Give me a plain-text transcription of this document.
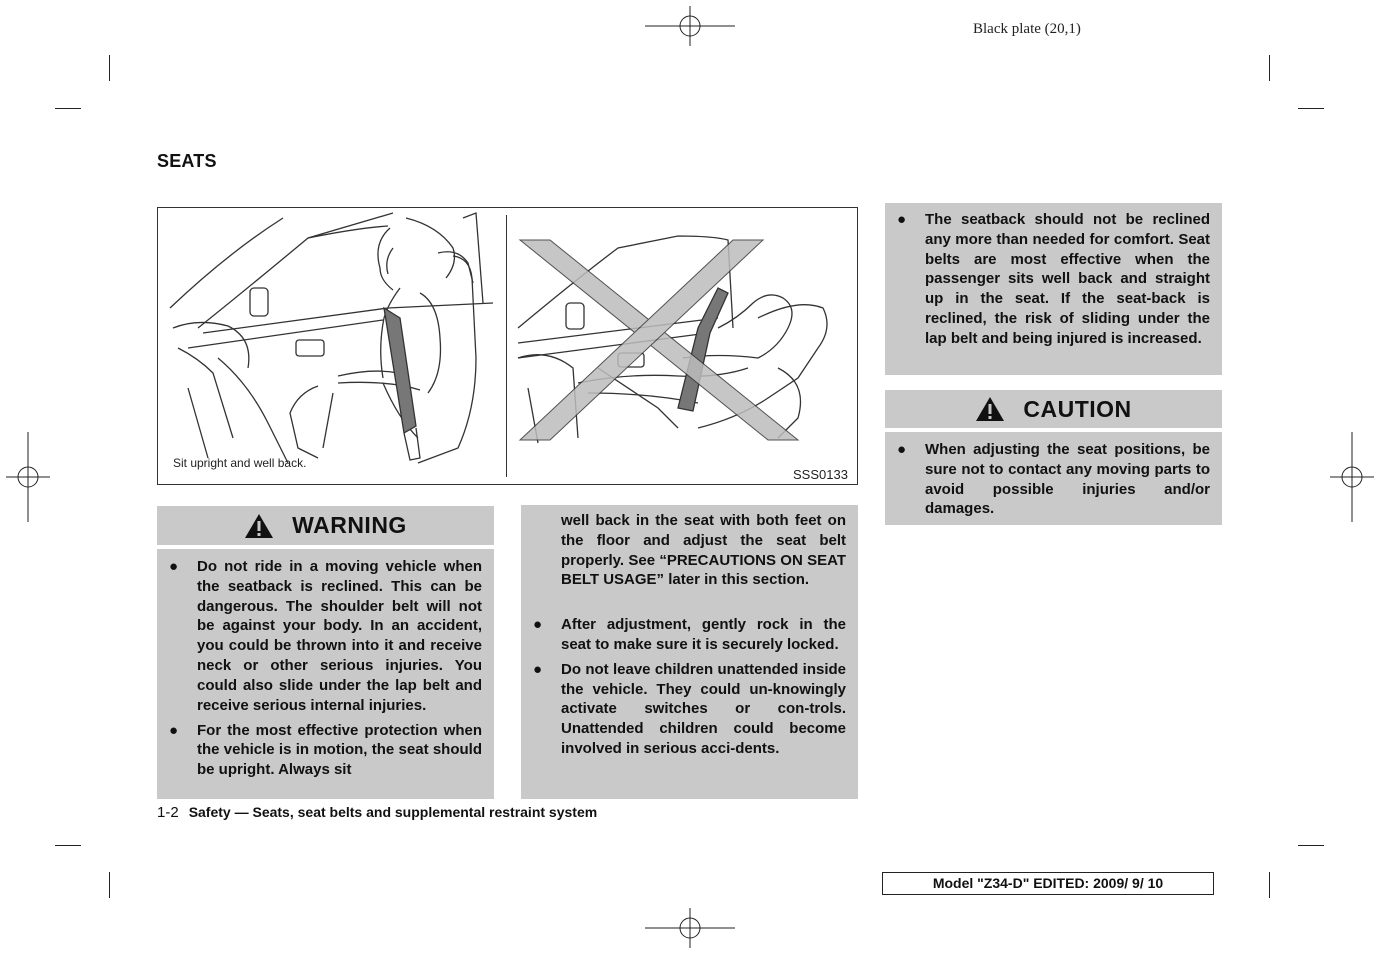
Black plate (20,1)
SEATS
Sit upright and well back.
SSS0133
WARNING
● Do not ride in a moving vehicle when the seatback is reclined. This can be dangerous. The shoulder belt will not be against your body. In an accident, you could be thrown into it and receive neck or other serious injuries. You could also slide under the lap belt and receive serious internal injuries.
● For the most effective protection when the vehicle is in motion, the seat should be upright. Always sit
well back in the seat with both feet on the floor and adjust the seat belt properly. See “PRECAUTIONS ON SEAT BELT USAGE” later in this section.
● After adjustment, gently rock in the seat to make sure it is securely locked.
● Do not leave children unattended inside the vehicle. They could un-knowingly activate switches or con-trols. Unattended children could become involved in serious acci-dents.
● The seatback should not be reclined any more than needed for comfort. Seat belts are most effective when the passenger sits well back and straight up in the seat. If the seat-back is reclined, the risk of sliding under the lap belt and being injured is increased.
CAUTION
● When adjusting the seat positions, be sure not to contact any moving parts to avoid possible injuries and/or damages.
1-2 Safety — Seats, seat belts and supplemental restraint system
Model "Z34-D" EDITED: 2009/ 9/ 10
